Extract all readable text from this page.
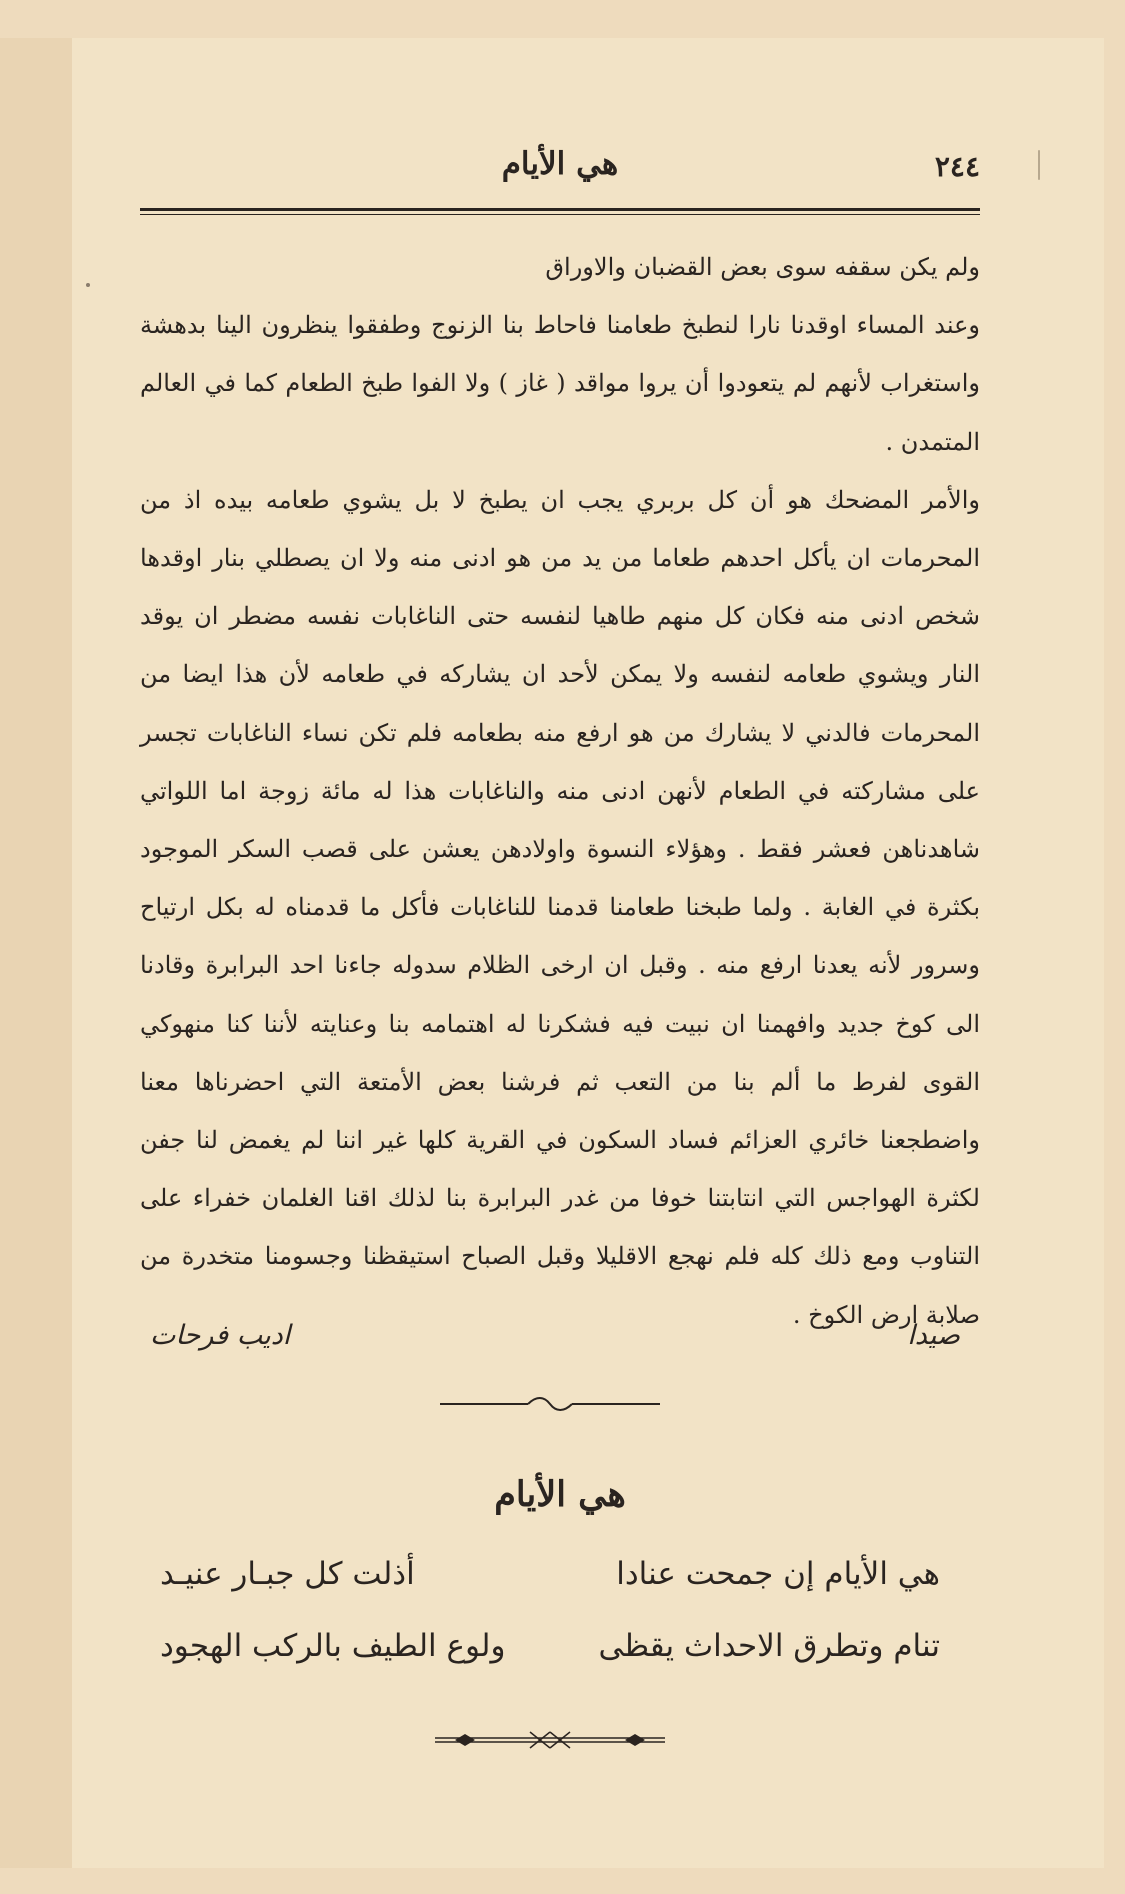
٢٤٤
هي الأيام

ولم يكن سقفه سوى بعض القضبان والاوراق

وعند المساء اوقدنا نارا لنطبخ طعامنا فاحاط بنا الزنوج وطفقوا ينظرون الينا بدهشة واستغراب لأنهم لم يتعودوا أن يروا مواقد ( غاز ) ولا الفوا طبخ الطعام كما في العالم المتمدن .

والأمر المضحك هو أن كل بربري يجب ان يطبخ لا بل يشوي طعامه بيده اذ من المحرمات ان يأكل احدهم طعاما من يد من هو ادنى منه ولا ان يصطلي بنار اوقدها شخص ادنى منه فكان كل منهم طاهيا لنفسه حتى الناغابات نفسه مضطر ان يوقد النار ويشوي طعامه لنفسه ولا يمكن لأحد ان يشاركه في طعامه لأن هذا ايضا من المحرمات فالدني لا يشارك من هو ارفع منه بطعامه فلم تكن نساء الناغابات تجسر على مشاركته في الطعام لأنهن ادنى منه والناغابات هذا له مائة زوجة اما اللواتي شاهدناهن فعشر فقط . وهؤلاء النسوة واولادهن يعشن على قصب السكر الموجود بكثرة في الغابة . ولما طبخنا طعامنا قدمنا للناغابات فأكل ما قدمناه له بكل ارتياح وسرور لأنه يعدنا ارفع منه . وقبل ان ارخى الظلام سدوله جاءنا احد البرابرة وقادنا الى كوخ جديد وافهمنا ان نبيت فيه فشكرنا له اهتمامه بنا وعنايته لأننا كنا منهوكي القوى لفرط ما ألم بنا من التعب ثم فرشنا بعض الأمتعة التي احضرناها معنا واضطجعنا خائري العزائم فساد السكون في القرية كلها غير اننا لم يغمض لنا جفن لكثرة الهواجس التي انتابتنا خوفا من غدر البرابرة بنا لذلك اقنا الغلمان خفراء على التناوب ومع ذلك كله فلم نهجع الاقليلا وقبل الصباح استيقظنا وجسومنا متخدرة من صلابة ارض الكوخ .

صيدا
اديب فرحات
هي الأيام
هي الأيام إن جمحت عنادا
أذلت كل جبـار عنيـد
تنام وتطرق الاحداث يقظى
ولوع الطيف بالركب الهجود
